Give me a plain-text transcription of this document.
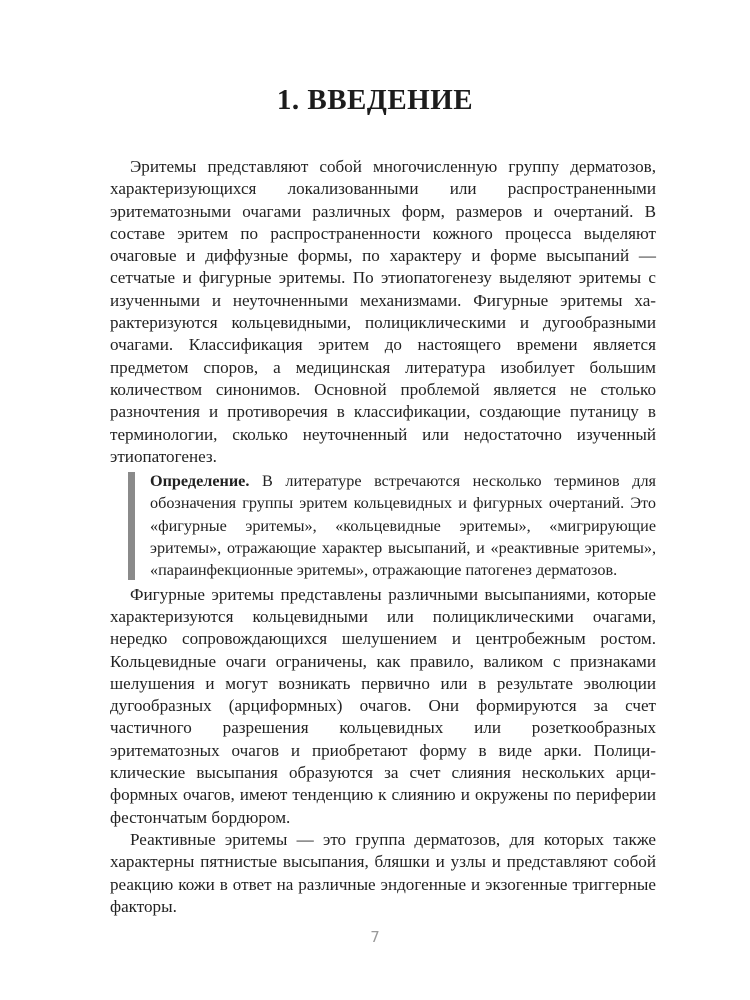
1. ВВЕДЕНИЕ

Эритемы представляют собой многочисленную группу дерматозов, характеризующихся локализованными или распространенными эритематозными очагами различных форм, размеров и очертаний. В составе эритем по распространенности кожного процесса выделяют очаговые и диффузные формы, по характеру и форме высыпаний — сетчатые и фигурные эритемы. По этиопатогенезу выделяют эритемы с изученными и неуточненными механизмами. Фигурные эритемы характеризуются кольцевидными, полициклическими и дугообразными очагами. Классификация эритем до настоящего времени является предметом споров, а медицинская литература изобилует большим количеством синонимов. Основной проблемой является не столько разночтения и противоречия в классификации, создающие путаницу в терминологии, сколько неуточненный или недостаточно изученный этиопатогенез.

Определение. В литературе встречаются несколько терминов для обозначения группы эритем кольцевидных и фигурных очертаний. Это «фигурные эритемы», «кольцевидные эритемы», «мигрирующие эритемы», отражающие характер высыпаний, и «реактивные эритемы», «параинфекционные эритемы», отражающие патогенез дерматозов.

Фигурные эритемы представлены различными высыпаниями, которые характеризуются кольцевидными или полициклическими очагами, нередко сопровождающихся шелушением и центробежным ростом. Кольцевидные очаги ограничены, как правило, валиком с признаками шелушения и могут возникать первично или в результате эволюции дугообразных (арциформных) очагов. Они формируются за счет частичного разрешения кольцевидных или розеткообразных эритематозных очагов и приобретают форму в виде арки. Полициклические высыпания образуются за счет слияния нескольких арциформных очагов, имеют тенденцию к слиянию и окружены по периферии фестончатым бордюром.

Реактивные эритемы — это группа дерматозов, для которых также характерны пятнистые высыпания, бляшки и узлы и представляют собой реакцию кожи в ответ на различные эндогенные и экзогенные триггерные факторы.

7
